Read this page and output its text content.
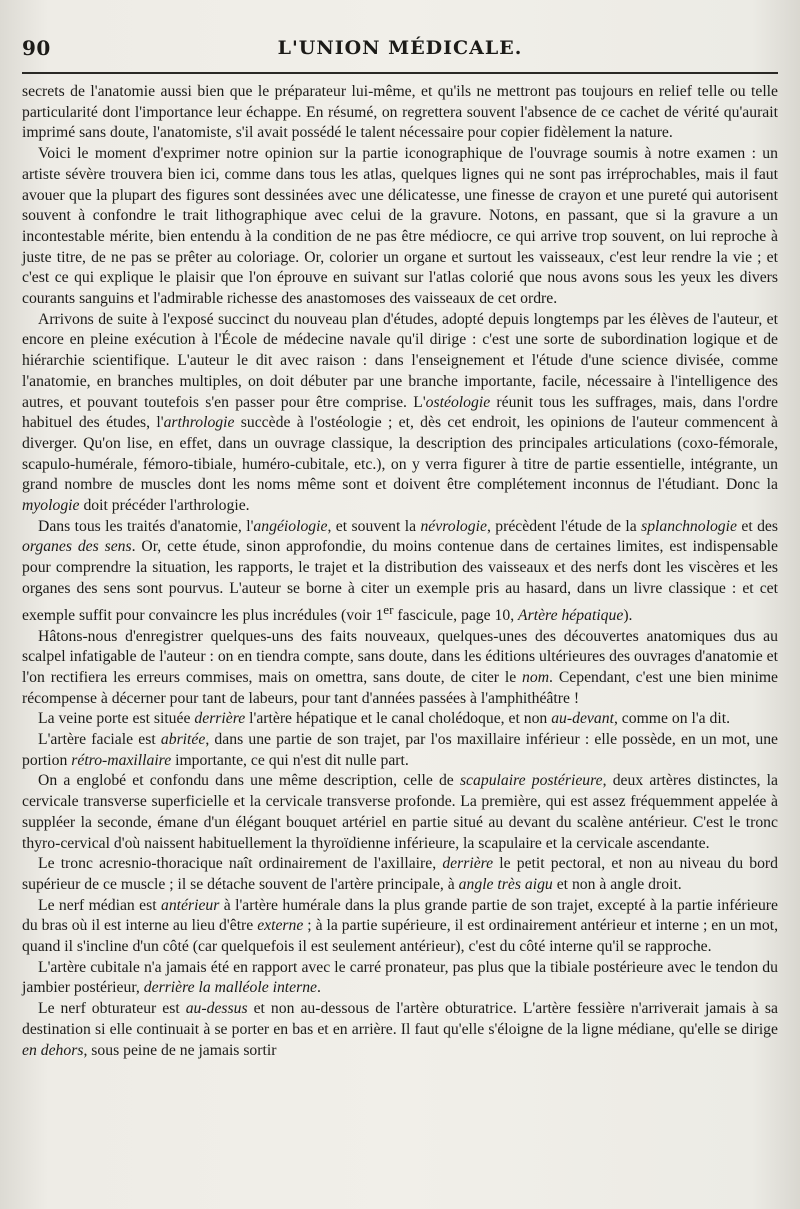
90	L'UNION MÉDICALE.

secrets de l'anatomie aussi bien que le préparateur lui-même, et qu'ils ne mettront pas toujours en relief telle ou telle particularité dont l'importance leur échappe. En résumé, on regrettera souvent l'absence de ce cachet de vérité qu'aurait imprimé sans doute, l'anatomiste, s'il avait possédé le talent nécessaire pour copier fidèlement la nature.

Voici le moment d'exprimer notre opinion sur la partie iconographique de l'ouvrage soumis à notre examen : un artiste sévère trouvera bien ici, comme dans tous les atlas, quelques lignes qui ne sont pas irréprochables, mais il faut avouer que la plupart des figures sont dessinées avec une délicatesse, une finesse de crayon et une pureté qui autorisent souvent à confondre le trait lithographique avec celui de la gravure. Notons, en passant, que si la gravure a un incontestable mérite, bien entendu à la condition de ne pas être médiocre, ce qui arrive trop souvent, on lui reproche à juste titre, de ne pas se prêter au coloriage. Or, colorier un organe et surtout les vaisseaux, c'est leur rendre la vie ; et c'est ce qui explique le plaisir que l'on éprouve en suivant sur l'atlas colorié que nous avons sous les yeux les divers courants sanguins et l'admirable richesse des anastomoses des vaisseaux de cet ordre.

Arrivons de suite à l'exposé succinct du nouveau plan d'études, adopté depuis longtemps par les élèves de l'auteur, et encore en pleine exécution à l'École de médecine navale qu'il dirige : c'est une sorte de subordination logique et de hiérarchie scientifique. L'auteur le dit avec raison : dans l'enseignement et l'étude d'une science divisée, comme l'anatomie, en branches multiples, on doit débuter par une branche importante, facile, nécessaire à l'intelligence des autres, et pouvant toutefois s'en passer pour être comprise. L'ostéologie réunit tous les suffrages, mais, dans l'ordre habituel des études, l'arthrologie succède à l'ostéologie ; et, dès cet endroit, les opinions de l'auteur commencent à diverger. Qu'on lise, en effet, dans un ouvrage classique, la description des principales articulations (coxo-fémorale, scapulo-humérale, fémoro-tibiale, huméro-cubitale, etc.), on y verra figurer à titre de partie essentielle, intégrante, un grand nombre de muscles dont les noms même sont et doivent être complétement inconnus de l'étudiant. Donc la myologie doit précéder l'arthrologie.

Dans tous les traités d'anatomie, l'angéiologie, et souvent la névrologie, précèdent l'étude de la splanchnologie et des organes des sens. Or, cette étude, sinon approfondie, du moins contenue dans de certaines limites, est indispensable pour comprendre la situation, les rapports, le trajet et la distribution des vaisseaux et des nerfs dont les viscères et les organes des sens sont pourvus. L'auteur se borne à citer un exemple pris au hasard, dans un livre classique : et cet exemple suffit pour convaincre les plus incrédules (voir 1er fascicule, page 10, Artère hépatique).

Hâtons-nous d'enregistrer quelques-uns des faits nouveaux, quelques-unes des découvertes anatomiques dus au scalpel infatigable de l'auteur : on en tiendra compte, sans doute, dans les éditions ultérieures des ouvrages d'anatomie et l'on rectifiera les erreurs commises, mais on omettra, sans doute, de citer le nom. Cependant, c'est une bien minime récompense à décerner pour tant de labeurs, pour tant d'années passées à l'amphithéâtre !

La veine porte est située derrière l'artère hépatique et le canal cholédoque, et non au-devant, comme on l'a dit.

L'artère faciale est abritée, dans une partie de son trajet, par l'os maxillaire inférieur : elle possède, en un mot, une portion rétro-maxillaire importante, ce qui n'est dit nulle part.

On a englobé et confondu dans une même description, celle de scapulaire postérieure, deux artères distinctes, la cervicale transverse superficielle et la cervicale transverse profonde. La première, qui est assez fréquemment appelée à suppléer la seconde, émane d'un élégant bouquet artériel en partie situé au devant du scalène antérieur. C'est le tronc thyro-cervical d'où naissent habituellement la thyroïdienne inférieure, la scapulaire et la cervicale ascendante.

Le tronc acresnio-thoracique naît ordinairement de l'axillaire, derrière le petit pectoral, et non au niveau du bord supérieur de ce muscle ; il se détache souvent de l'artère principale, à angle très aigu et non à angle droit.

Le nerf médian est antérieur à l'artère humérale dans la plus grande partie de son trajet, excepté à la partie inférieure du bras où il est interne au lieu d'être externe ; à la partie supérieure, il est ordinairement antérieur et interne ; en un mot, quand il s'incline d'un côté (car quelquefois il est seulement antérieur), c'est du côté interne qu'il se rapproche.

L'artère cubitale n'a jamais été en rapport avec le carré pronateur, pas plus que la tibiale postérieure avec le tendon du jambier postérieur, derrière la malléole interne.

Le nerf obturateur est au-dessus et non au-dessous de l'artère obturatrice. L'artère fessière n'arriverait jamais à sa destination si elle continuait à se porter en bas et en arrière. Il faut qu'elle s'éloigne de la ligne médiane, qu'elle se dirige en dehors, sous peine de ne jamais sortir
